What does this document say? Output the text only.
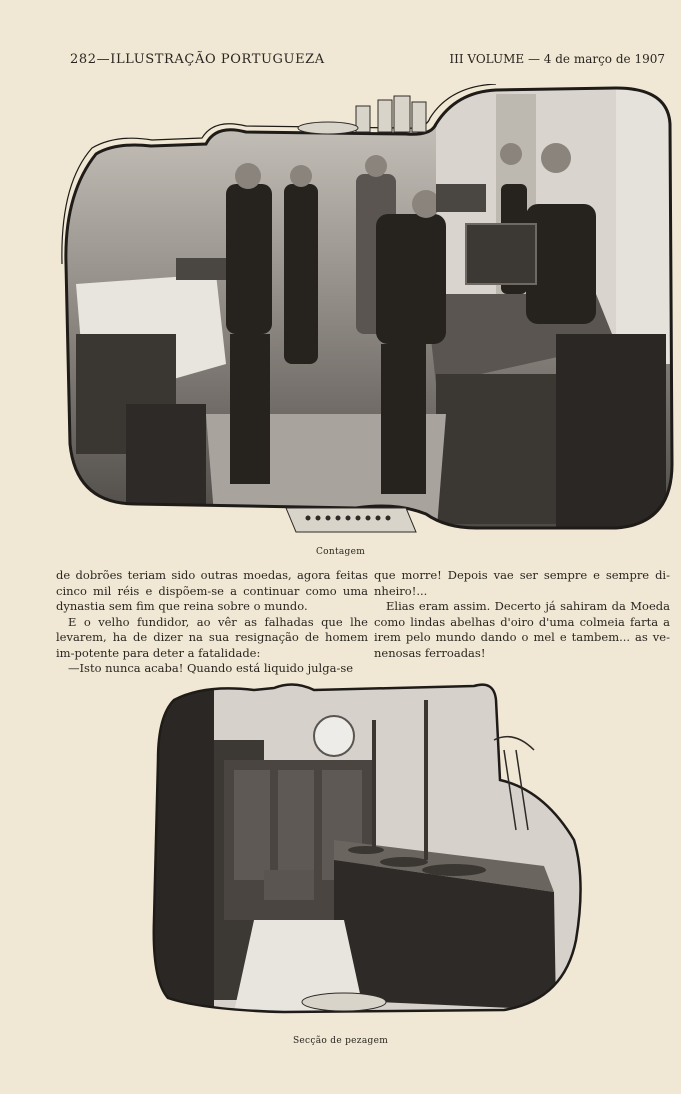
282—ILLUSTRAÇÃO PORTUGUEZA	III VOLUME — 4 de março de 1907
Contagem

de dobrões teriam sido outras moedas, agora feitas cinco mil réis e dispõem-se a continuar como uma dynastia sem fim que reina sobre o mundo.

E o velho fundidor, ao vêr as falhadas que lhe levarem, ha de dizer na sua resignação de homem im-potente para deter a fatalidade:

—Isto nunca acaba! Quando está liquido julga-se

que morre! Depois vae ser sempre e sempre di-nheiro!...

Elias eram assim. Decerto já sahiram da Moeda como lindas abelhas d'oiro d'uma colmeia farta a irem pelo mundo dando o mel e tambem... as ve-nenosas ferroadas!

Secção de pezagem
